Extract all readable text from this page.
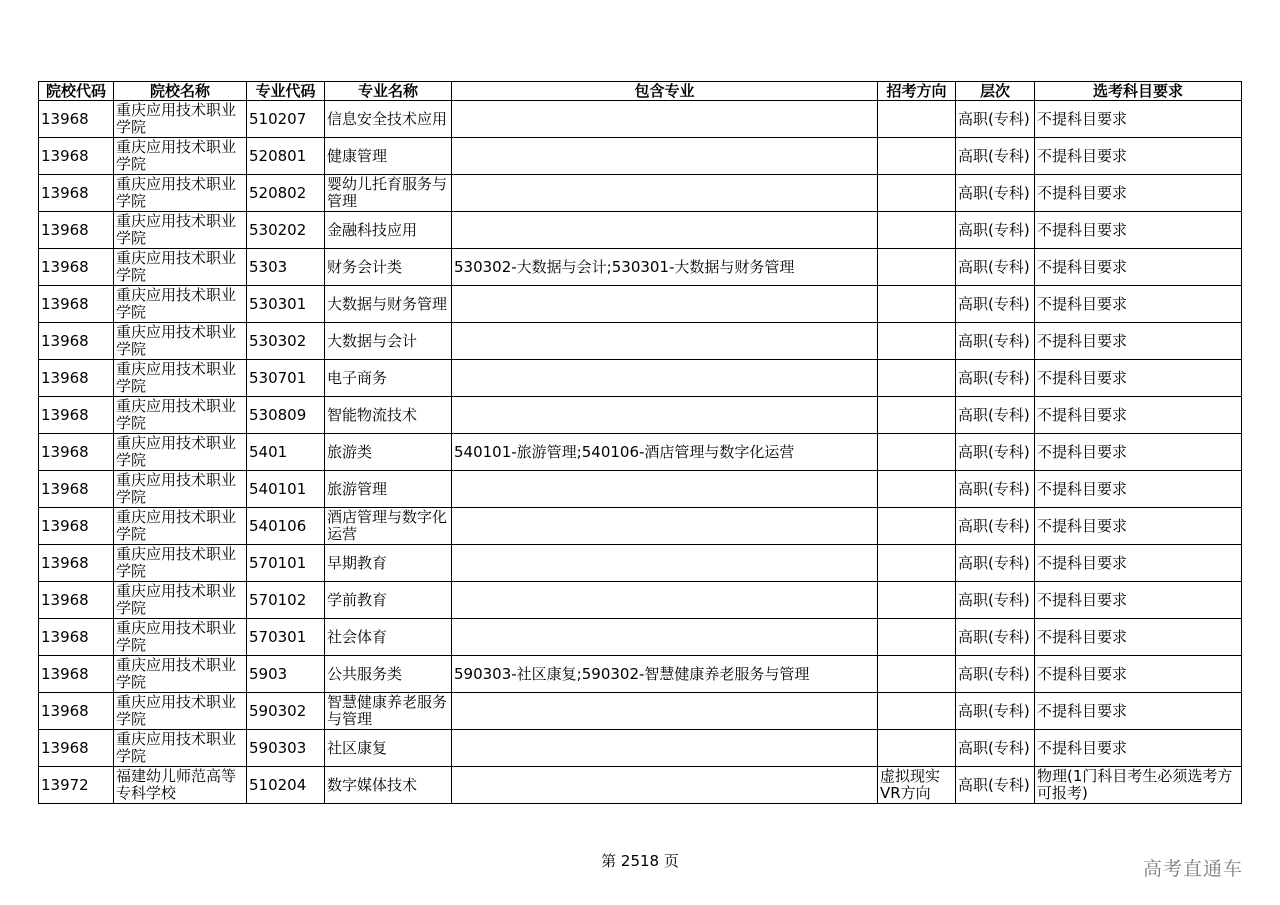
院校代码	院校名称	专业代码	专业名称	包含专业	招考方向	层次	选考科目要求
13968	重庆应用技术职业学院	510207	信息安全技术应用			高职(专科)	不提科目要求
13968	重庆应用技术职业学院	520801	健康管理			高职(专科)	不提科目要求
13968	重庆应用技术职业学院	520802	婴幼儿托育服务与管理			高职(专科)	不提科目要求
13968	重庆应用技术职业学院	530202	金融科技应用			高职(专科)	不提科目要求
13968	重庆应用技术职业学院	5303	财务会计类	530302-大数据与会计;530301-大数据与财务管理		高职(专科)	不提科目要求
13968	重庆应用技术职业学院	530301	大数据与财务管理			高职(专科)	不提科目要求
13968	重庆应用技术职业学院	530302	大数据与会计			高职(专科)	不提科目要求
13968	重庆应用技术职业学院	530701	电子商务			高职(专科)	不提科目要求
13968	重庆应用技术职业学院	530809	智能物流技术			高职(专科)	不提科目要求
13968	重庆应用技术职业学院	5401	旅游类	540101-旅游管理;540106-酒店管理与数字化运营		高职(专科)	不提科目要求
13968	重庆应用技术职业学院	540101	旅游管理			高职(专科)	不提科目要求
13968	重庆应用技术职业学院	540106	酒店管理与数字化运营			高职(专科)	不提科目要求
13968	重庆应用技术职业学院	570101	早期教育			高职(专科)	不提科目要求
13968	重庆应用技术职业学院	570102	学前教育			高职(专科)	不提科目要求
13968	重庆应用技术职业学院	570301	社会体育			高职(专科)	不提科目要求
13968	重庆应用技术职业学院	5903	公共服务类	590303-社区康复;590302-智慧健康养老服务与管理		高职(专科)	不提科目要求
13968	重庆应用技术职业学院	590302	智慧健康养老服务与管理			高职(专科)	不提科目要求
13968	重庆应用技术职业学院	590303	社区康复			高职(专科)	不提科目要求
13972	福建幼儿师范高等专科学校	510204	数字媒体技术		虚拟现实VR方向	高职(专科)	物理(1门科目考生必须选考方可报考)
第 2518 页	高考直通车
